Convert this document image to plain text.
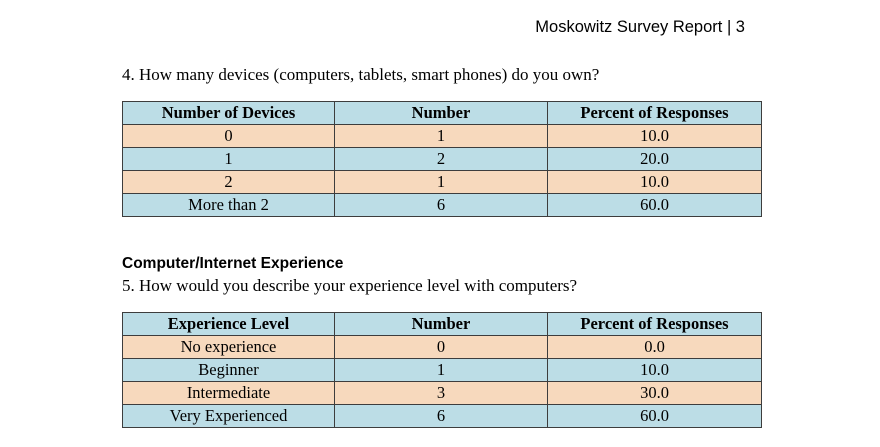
Moskowitz Survey Report | 3

4. How many devices (computers, tablets, smart phones) do you own?

Number of Devices	Number	Percent of Responses
0	1	10.0
1	2	20.0
2	1	10.0
More than 2	6	60.0

Computer/Internet Experience

5. How would you describe your experience level with computers?

Experience Level	Number	Percent of Responses
No experience	0	0.0
Beginner	1	10.0
Intermediate	3	30.0
Very Experienced	6	60.0
